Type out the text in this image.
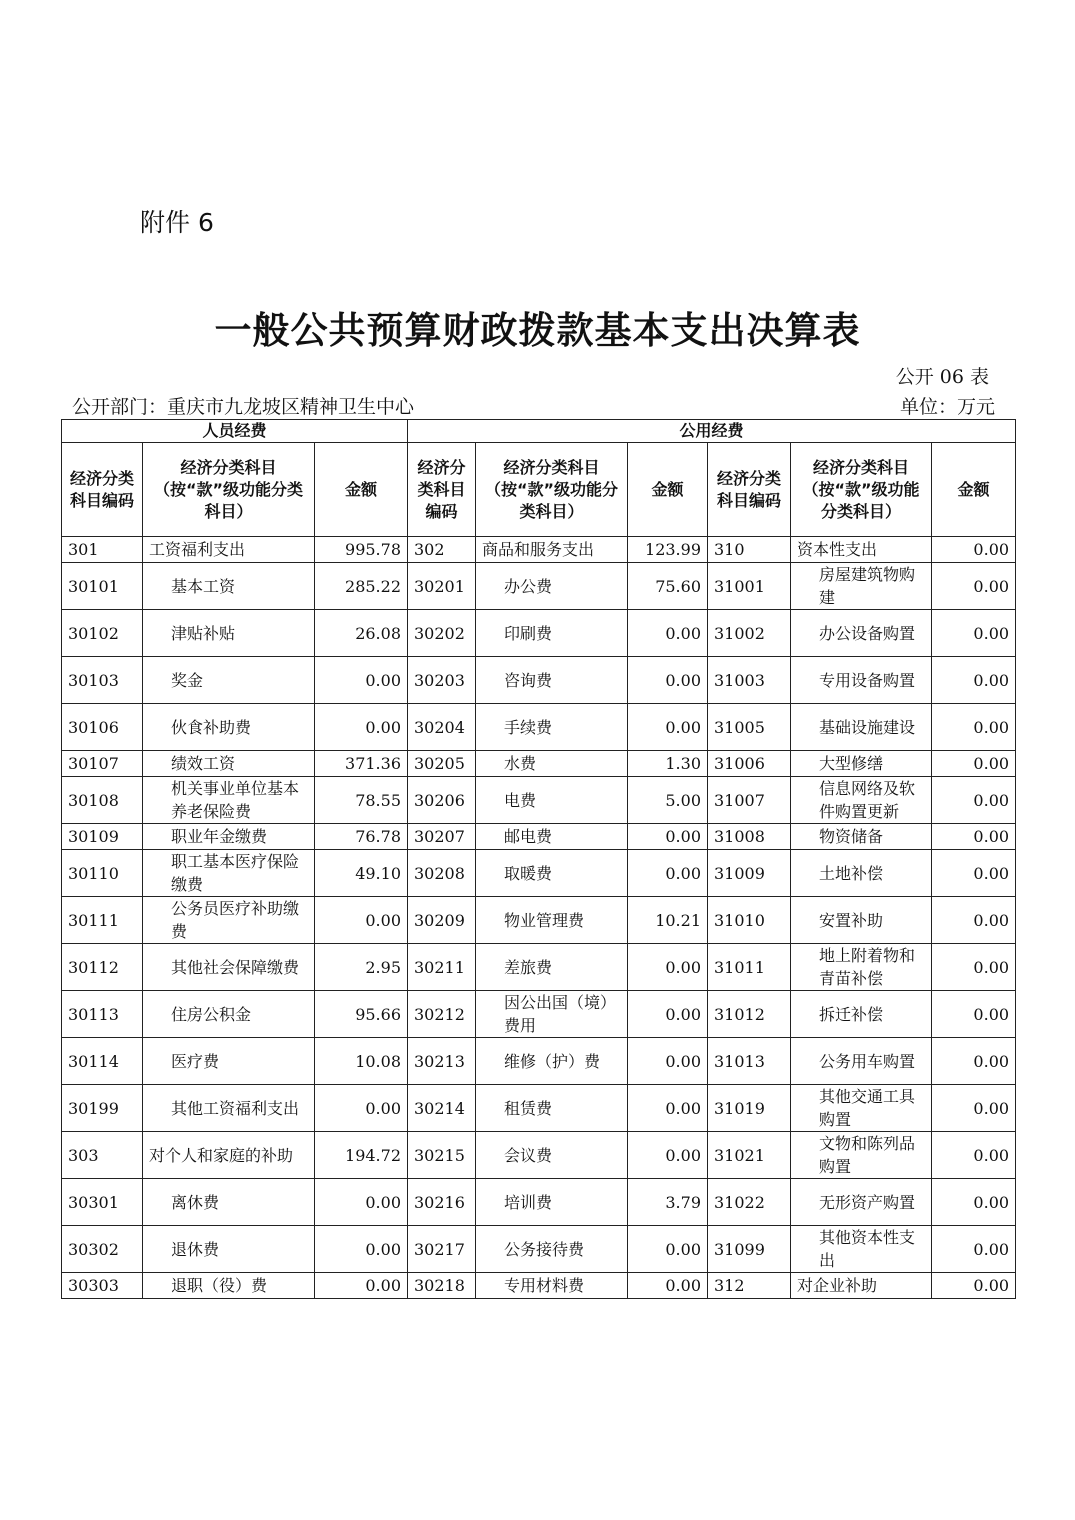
附件 6
一般公共预算财政拨款基本支出决算表
公开 06 表
公开部门：重庆市九龙坡区精神卫生中心	单位：万元
人员经费			公用经费					
经济分类科目编码	经济分类科目（按“款”级功能分类科目）	金额	经济分类科目编码	经济分类科目（按“款”级功能分类科目）	金额	经济分类科目编码	经济分类科目（按“款”级功能分类科目）	金额
301	工资福利支出	995.78	302	商品和服务支出	123.99	310	资本性支出	0.00
30101	基本工资	285.22	30201	办公费	75.60	31001	房屋建筑物购建	0.00
30102	津贴补贴	26.08	30202	印刷费	0.00	31002	办公设备购置	0.00
30103	奖金	0.00	30203	咨询费	0.00	31003	专用设备购置	0.00
30106	伙食补助费	0.00	30204	手续费	0.00	31005	基础设施建设	0.00
30107	绩效工资	371.36	30205	水费	1.30	31006	大型修缮	0.00
30108	机关事业单位基本养老保险费	78.55	30206	电费	5.00	31007	信息网络及软件购置更新	0.00
30109	职业年金缴费	76.78	30207	邮电费	0.00	31008	物资储备	0.00
30110	职工基本医疗保险缴费	49.10	30208	取暖费	0.00	31009	土地补偿	0.00
30111	公务员医疗补助缴费	0.00	30209	物业管理费	10.21	31010	安置补助	0.00
30112	其他社会保障缴费	2.95	30211	差旅费	0.00	31011	地上附着物和青苗补偿	0.00
30113	住房公积金	95.66	30212	因公出国（境）费用	0.00	31012	拆迁补偿	0.00
30114	医疗费	10.08	30213	维修（护）费	0.00	31013	公务用车购置	0.00
30199	其他工资福利支出	0.00	30214	租赁费	0.00	31019	其他交通工具购置	0.00
303	对个人和家庭的补助	194.72	30215	会议费	0.00	31021	文物和陈列品购置	0.00
30301	离休费	0.00	30216	培训费	3.79	31022	无形资产购置	0.00
30302	退休费	0.00	30217	公务接待费	0.00	31099	其他资本性支出	0.00
30303	退职（役）费	0.00	30218	专用材料费	0.00	312	对企业补助	0.00
